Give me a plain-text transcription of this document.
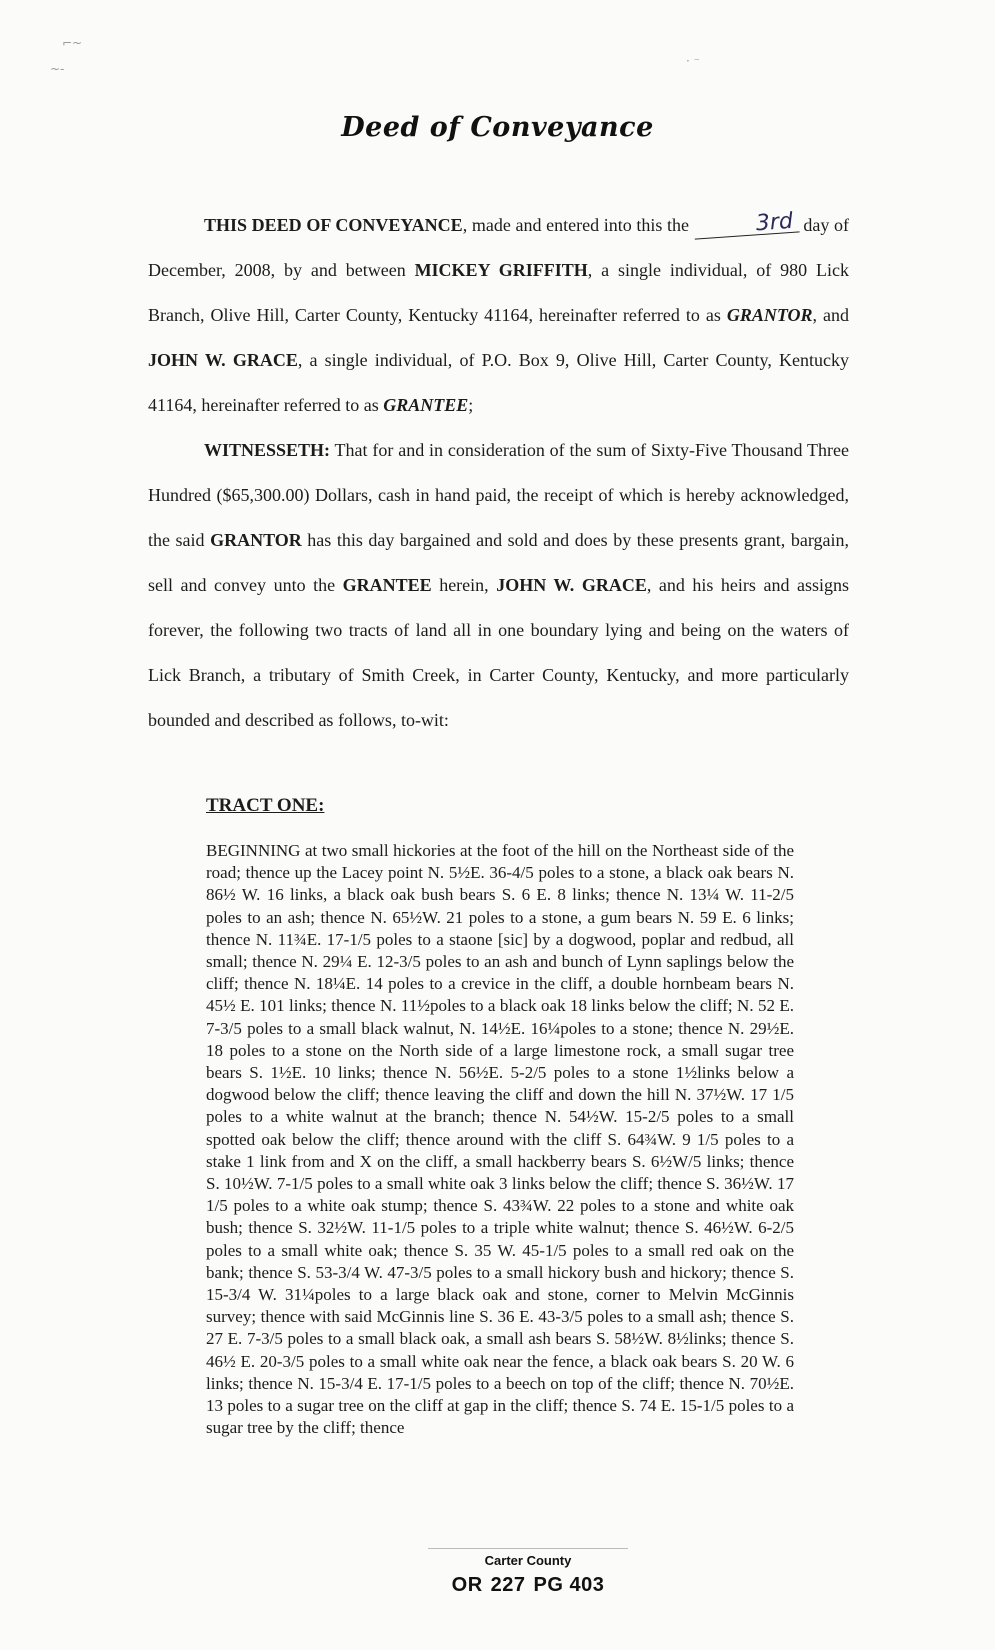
⌐~
~-
· ⁻
Deed of Conveyance

THIS DEED OF CONVEYANCE, made and entered into this the	3rd day of December, 2008, by and between MICKEY GRIFFITH, a single individual, of 980 Lick Branch, Olive Hill, Carter County, Kentucky 41164, hereinafter referred to as GRANTOR, and JOHN W. GRACE, a single individual, of P.O. Box 9, Olive Hill, Carter County, Kentucky 41164, hereinafter referred to as GRANTEE;

WITNESSETH: That for and in consideration of the sum of Sixty-Five Thousand Three Hundred ($65,300.00) Dollars, cash in hand paid, the receipt of which is hereby acknowledged, the said GRANTOR has this day bargained and sold and does by these presents grant, bargain, sell and convey unto the GRANTEE herein, JOHN W. GRACE, and his heirs and assigns forever, the following two tracts of land all in one boundary lying and being on the waters of Lick Branch, a tributary of Smith Creek, in Carter County, Kentucky, and more particularly bounded and described as follows, to-wit:

TRACT ONE:
BEGINNING at two small hickories at the foot of the hill on the Northeast side of the road; thence up the Lacey point N. 5½E. 36-4/5 poles to a stone, a black oak bears N. 86½ W. 16 links, a black oak bush bears S. 6 E. 8 links; thence N. 13¼ W. 11-2/5 poles to an ash; thence N. 65½W. 21 poles to a stone, a gum bears N. 59 E. 6 links; thence N. 11¾E. 17-1/5 poles to a staone [sic] by a dogwood, poplar and redbud, all small; thence N. 29¼ E. 12-3/5 poles to an ash and bunch of Lynn saplings below the cliff; thence N. 18¼E. 14 poles to a crevice in the cliff, a double hornbeam bears N. 45½ E. 101 links; thence N. 11½poles to a black oak 18 links below the cliff; N. 52 E. 7-3/5 poles to a small black walnut, N. 14½E. 16¼poles to a stone; thence N. 29½E. 18 poles to a stone on the North side of a large limestone rock, a small sugar tree bears S. 1½E. 10 links; thence N. 56½E. 5-2/5 poles to a stone 1½links below a dogwood below the cliff; thence leaving the cliff and down the hill N. 37½W. 17 1/5 poles to a white walnut at the branch; thence N. 54½W. 15-2/5 poles to a small spotted oak below the cliff; thence around with the cliff S. 64¾W. 9 1/5 poles to a stake 1 link from and X on the cliff, a small hackberry bears S. 6½W/5 links; thence S. 10½W. 7-1/5 poles to a small white oak 3 links below the cliff; thence S. 36½W. 17 1/5 poles to a white oak stump; thence S. 43¾W. 22 poles to a stone and white oak bush; thence S. 32½W. 11-1/5 poles to a triple white walnut; thence S. 46½W. 6-2/5 poles to a small white oak; thence S. 35 W. 45-1/5 poles to a small red oak on the bank; thence S. 53-3/4 W. 47-3/5 poles to a small hickory bush and hickory; thence S. 15-3/4 W. 31¼poles to a large black oak and stone, corner to Melvin McGinnis survey; thence with said McGinnis line S. 36 E. 43-3/5 poles to a small ash; thence S. 27 E. 7-3/5 poles to a small black oak, a small ash bears S. 58½W. 8½links; thence S. 46½ E. 20-3/5 poles to a small white oak near the fence, a black oak bears S. 20 W. 6 links; thence N. 15-3/4 E. 17-1/5 poles to a beech on top of the cliff; thence N. 70½E. 13 poles to a sugar tree on the cliff at gap in the cliff; thence S. 74 E. 15-1/5 poles to a sugar tree by the cliff; thence
Carter County
OR 227 PG 403
